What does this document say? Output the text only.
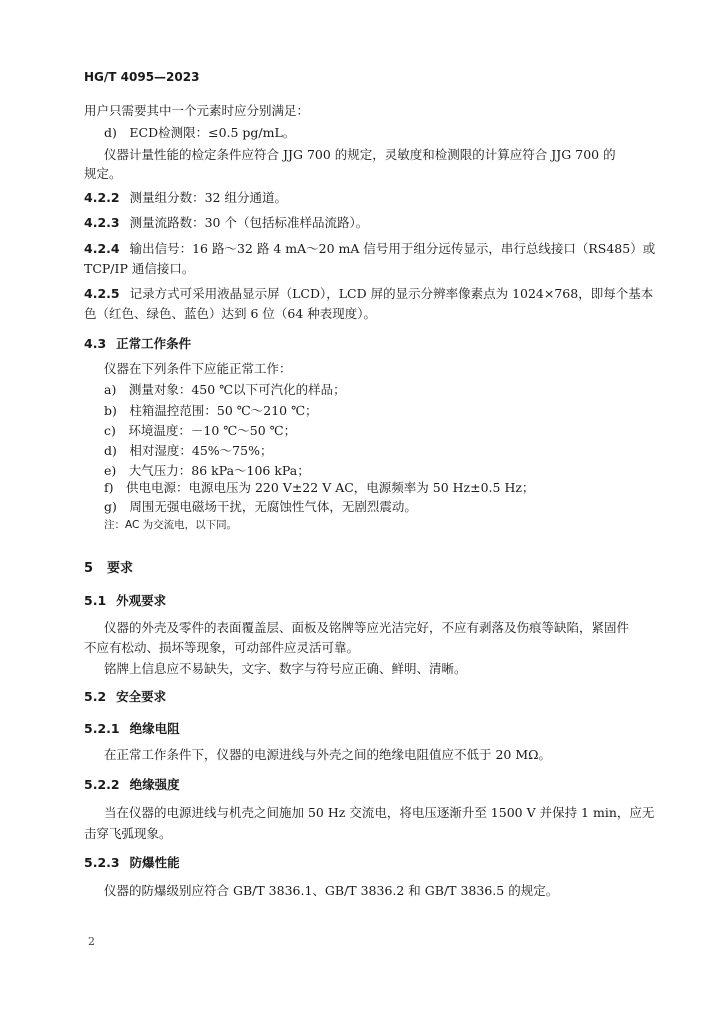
HG/T 4095—2023
用户只需要其中一个元素时应分别满足：
d)　ECD检测限：≤0.5 pg/mL。
仪器计量性能的检定条件应符合 JJG 700 的规定，灵敏度和检测限的计算应符合 JJG 700 的
规定。
4.2.2 测量组分数：32 组分通道。
4.2.3 测量流路数：30 个（包括标准样品流路）。
4.2.4 输出信号：16 路～32 路 4 mA～20 mA 信号用于组分远传显示，串行总线接口（RS485）或
TCP/IP 通信接口。
4.2.5 记录方式可采用液晶显示屏（LCD），LCD 屏的显示分辨率像素点为 1024×768，即每个基本
色（红色、绿色、蓝色）达到 6 位（64 种表现度）。
4.3 正常工作条件
仪器在下列条件下应能正常工作：
a)　测量对象：450 ℃以下可汽化的样品；
b)　柱箱温控范围：50 ℃～210 ℃；
c)　环境温度：－10 ℃～50 ℃；
d)　相对湿度：45%～75%；
e)　大气压力：86 kPa～106 kPa；
f)　供电电源：电源电压为 220 V±22 V AC，电源频率为 50 Hz±0.5 Hz；
g)　周围无强电磁场干扰，无腐蚀性气体，无剧烈震动。
注：AC 为交流电，以下同。
5 要求
5.1 外观要求
仪器的外壳及零件的表面覆盖层、面板及铭牌等应光洁完好，不应有剥落及伤痕等缺陷，紧固件
不应有松动、损坏等现象，可动部件应灵活可靠。
铭牌上信息应不易缺失，文字、数字与符号应正确、鲜明、清晰。
5.2 安全要求
5.2.1 绝缘电阻
在正常工作条件下，仪器的电源进线与外壳之间的绝缘电阻值应不低于 20 MΩ。
5.2.2 绝缘强度
当在仪器的电源进线与机壳之间施加 50 Hz 交流电，将电压逐渐升至 1500 V 并保持 1 min，应无
击穿飞弧现象。
5.2.3 防爆性能
仪器的防爆级别应符合 GB/T 3836.1、GB/T 3836.2 和 GB/T 3836.5 的规定。
2
